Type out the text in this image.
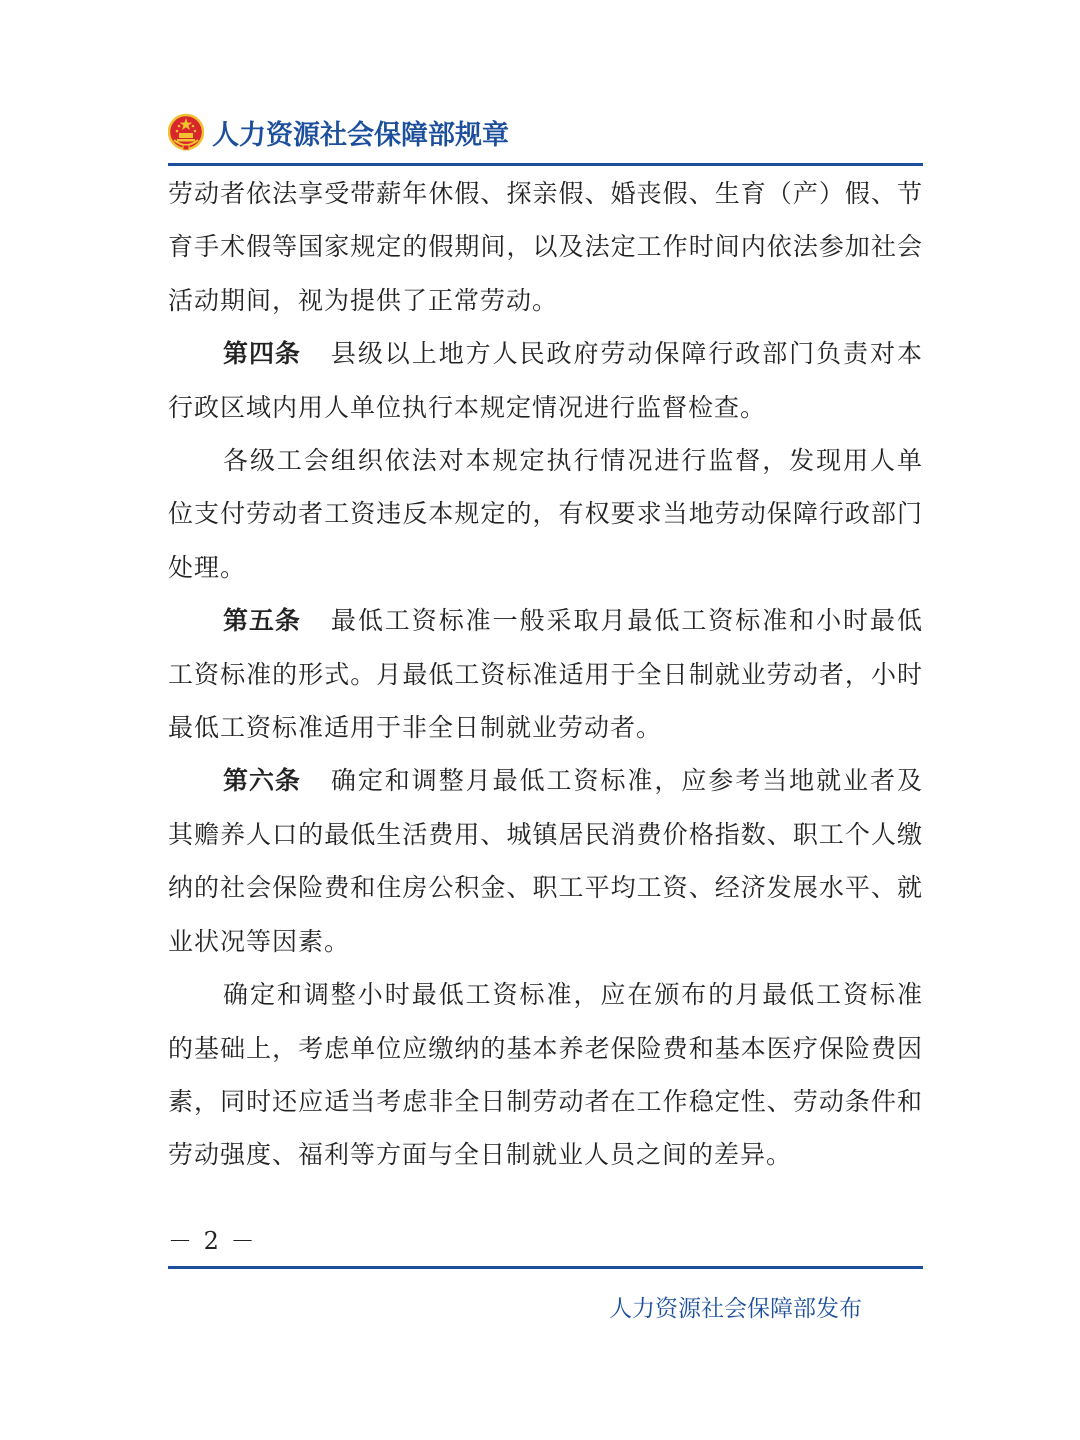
人力资源社会保障部规章

劳动者依法享受带薪年休假、探亲假、婚丧假、生育（产）假、节育手术假等国家规定的假期间，以及法定工作时间内依法参加社会活动期间，视为提供了正常劳动。

第四条 县级以上地方人民政府劳动保障行政部门负责对本行政区域内用人单位执行本规定情况进行监督检查。

各级工会组织依法对本规定执行情况进行监督，发现用人单位支付劳动者工资违反本规定的，有权要求当地劳动保障行政部门处理。

第五条 最低工资标准一般采取月最低工资标准和小时最低工资标准的形式。月最低工资标准适用于全日制就业劳动者，小时最低工资标准适用于非全日制就业劳动者。

第六条 确定和调整月最低工资标准，应参考当地就业者及其赡养人口的最低生活费用、城镇居民消费价格指数、职工个人缴纳的社会保险费和住房公积金、职工平均工资、经济发展水平、就业状况等因素。

确定和调整小时最低工资标准，应在颁布的月最低工资标准的基础上，考虑单位应缴纳的基本养老保险费和基本医疗保险费因素，同时还应适当考虑非全日制劳动者在工作稳定性、劳动条件和劳动强度、福利等方面与全日制就业人员之间的差异。

－ 2 －
人力资源社会保障部发布
